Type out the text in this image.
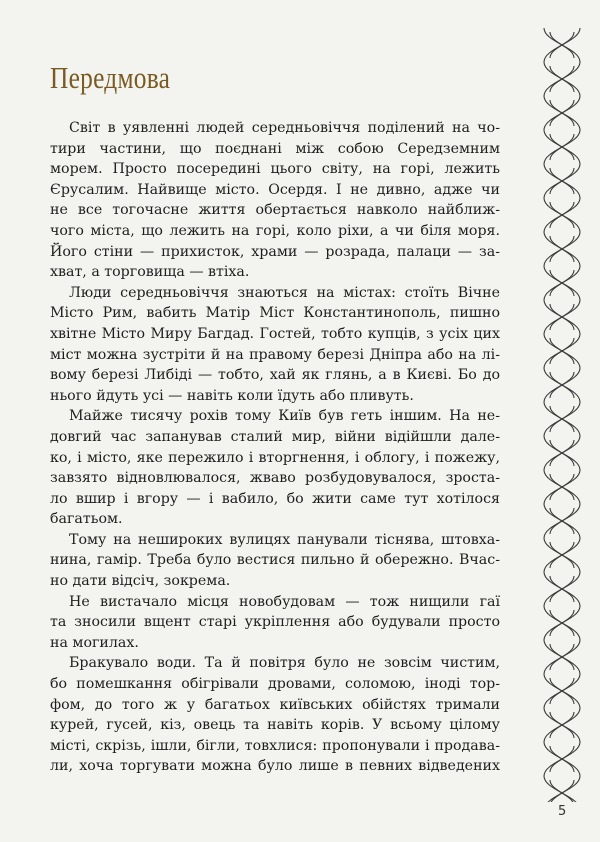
Передмова
Світ в уявленні людей середньовіччя поділений на чо-
тири частини, що поєднані між собою Середземним
морем. Просто посередині цього світу, на горі, лежить
Єрусалим. Найвище місто. Осердя. І не дивно, адже чи
не все тогочасне життя обертається навколо найближ-
чого міста, що лежить на горі, коло ріхи, а чи біля моря.
Його стіни — прихисток, храми — розрада, палаци — за-
хват, а торговища — втіха.
Люди середньовіччя знаються на містах: стоїть Вічне
Місто Рим, вабить Матір Міст Константинополь, пишно
хвітне Місто Миру Багдад. Гостей, тобто купців, з усіх цих
міст можна зустріти й на правому березі Дніпра або на лі-
вому березі Либіді — тобто, хай як глянь, а в Києві. Бо до
нього йдуть усі — навіть коли їдуть або пливуть.
Майже тисячу рохів тому Київ був геть іншим. На не-
довгий час запанував сталий мир, війни відійшли дале-
ко, і місто, яке пережило і вторгнення, і облогу, і пожежу,
завзято відновлювалося, жваво розбудовувалося, зроста-
ло вшир і вгору — і вабило, бо жити саме тут хотілося
багатьом.
Тому на нешироких вулицях панували тіснява, штовха-
нина, гамір. Треба було вестися пильно й обережно. Вчас-
но дати відсіч, зокрема.
Не вистачало місця новобудовам — тож нищили гаї
та зносили вщент старі укріплення або будували просто
на могилах.
Бракувало води. Та й повітря було не зовсім чистим,
бо помешкання обігрівали дровами, соломою, іноді тор-
фом, до того ж у багатьох київських обійстях тримали
курей, гусей, кіз, овець та навіть корів. У всьому цілому
місті, скрізь, ішли, бігли, товхлися: пропонували і продава-
ли, хоча торгувати можна було лише в певних відведених
5
